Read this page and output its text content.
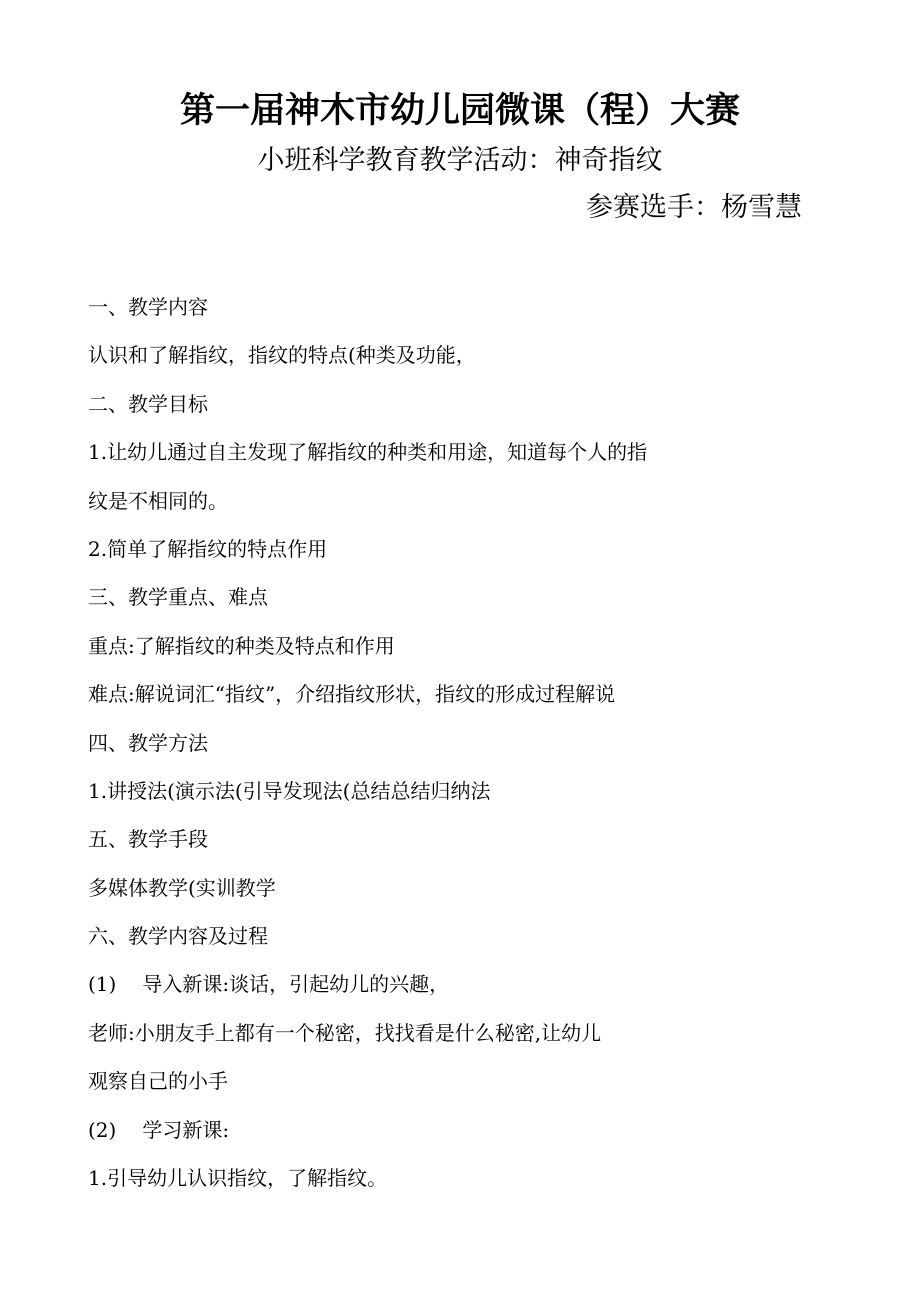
第一届神木市幼儿园微课（程）大赛
小班科学教育教学活动：神奇指纹
参赛选手：杨雪慧
一、教学内容
认识和了解指纹，指纹的特点(种类及功能，
二、教学目标
1.让幼儿通过自主发现了解指纹的种类和用途，知道每个人的指
纹是不相同的。
2.简单了解指纹的特点作用
三、教学重点、难点
重点:了解指纹的种类及特点和作用
难点:解说词汇“指纹”，介绍指纹形状，指纹的形成过程解说
四、教学方法
1.讲授法(演示法(引导发现法(总结总结归纳法
五、教学手段
多媒体教学(实训教学
六、教学内容及过程
(1) 导入新课:谈话，引起幼儿的兴趣，
老师:小朋友手上都有一个秘密，找找看是什么秘密,让幼儿
观察自己的小手
(2) 学习新课:
1.引导幼儿认识指纹，了解指纹。
